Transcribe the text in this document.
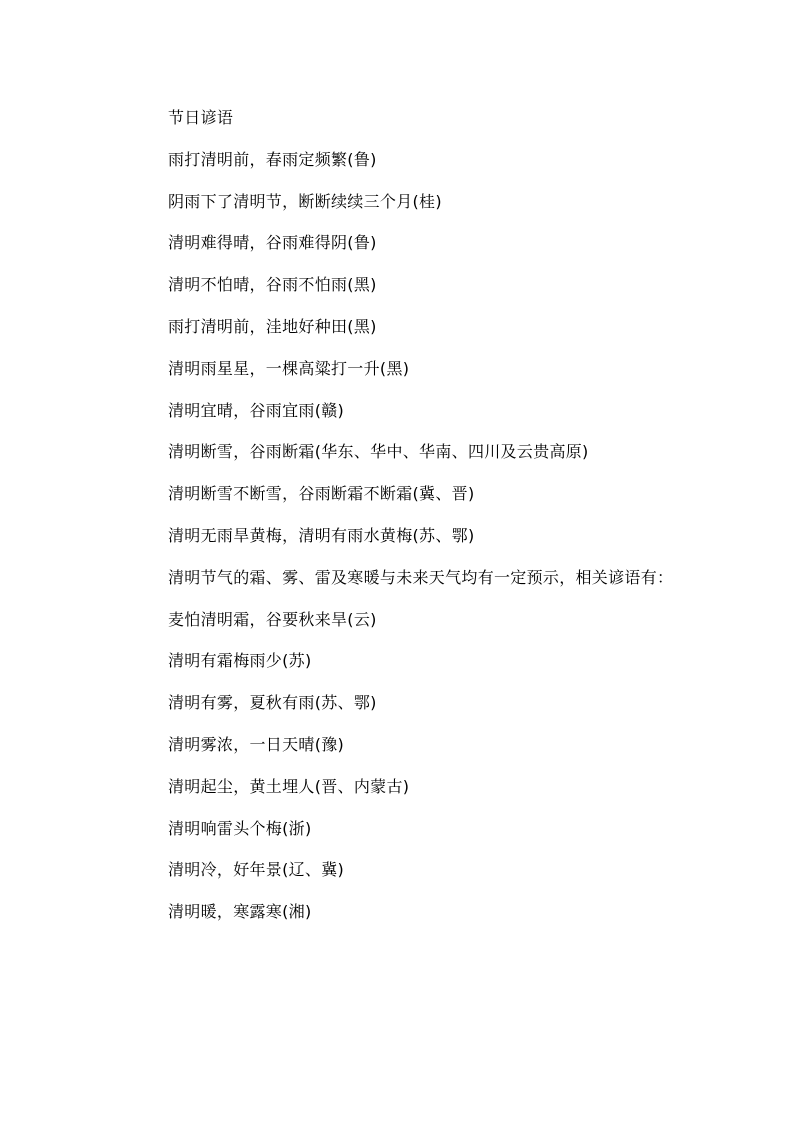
节日谚语

雨打清明前，春雨定频繁(鲁)

阴雨下了清明节，断断续续三个月(桂)

清明难得晴，谷雨难得阴(鲁)

清明不怕晴，谷雨不怕雨(黑)

雨打清明前，洼地好种田(黑)

清明雨星星，一棵高粱打一升(黑)

清明宜晴，谷雨宜雨(赣)

清明断雪，谷雨断霜(华东、华中、华南、四川及云贵高原)

清明断雪不断雪，谷雨断霜不断霜(冀、晋)

清明无雨旱黄梅，清明有雨水黄梅(苏、鄂)

清明节气的霜、雾、雷及寒暖与未来天气均有一定预示，相关谚语有：

麦怕清明霜，谷要秋来旱(云)

清明有霜梅雨少(苏)

清明有雾，夏秋有雨(苏、鄂)

清明雾浓，一日天晴(豫)

清明起尘，黄土埋人(晋、内蒙古)

清明响雷头个梅(浙)

清明冷，好年景(辽、冀)

清明暖，寒露寒(湘)
